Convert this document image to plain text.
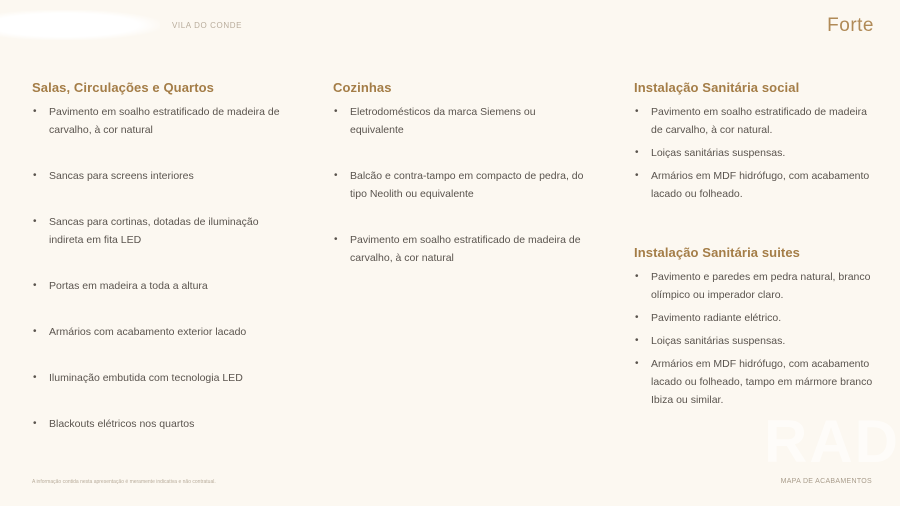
VILA DO CONDE	Forte
Salas, Circulações e Quartos
• Pavimento em soalho estratificado de madeira de carvalho, à cor natural
• Sancas para screens interiores
• Sancas para cortinas, dotadas de iluminação indireta em fita LED
• Portas em madeira a toda a altura
• Armários com acabamento exterior lacado
• Iluminação embutida com tecnologia LED
• Blackouts elétricos nos quartos
Cozinhas
• Eletrodomésticos da marca Siemens ou equivalente
• Balcão e contra-tampo em compacto de pedra, do tipo Neolith ou equivalente
• Pavimento em soalho estratificado de madeira de carvalho, à cor natural
Instalação Sanitária social
• Pavimento em soalho estratificado de madeira de carvalho, à cor natural.
• Loiças sanitárias suspensas.
• Armários em MDF hidrófugo, com acabamento lacado ou folheado.
Instalação Sanitária suites
• Pavimento e paredes em pedra natural, branco olímpico ou imperador claro.
• Pavimento radiante elétrico.
• Loiças sanitárias suspensas.
• Armários em MDF hidrófugo, com acabamento lacado ou folheado, tampo em mármore branco Ibiza ou similar.
RAD
A informação contida nesta apresentação é meramente indicativa e não contratual.	MAPA DE ACABAMENTOS
